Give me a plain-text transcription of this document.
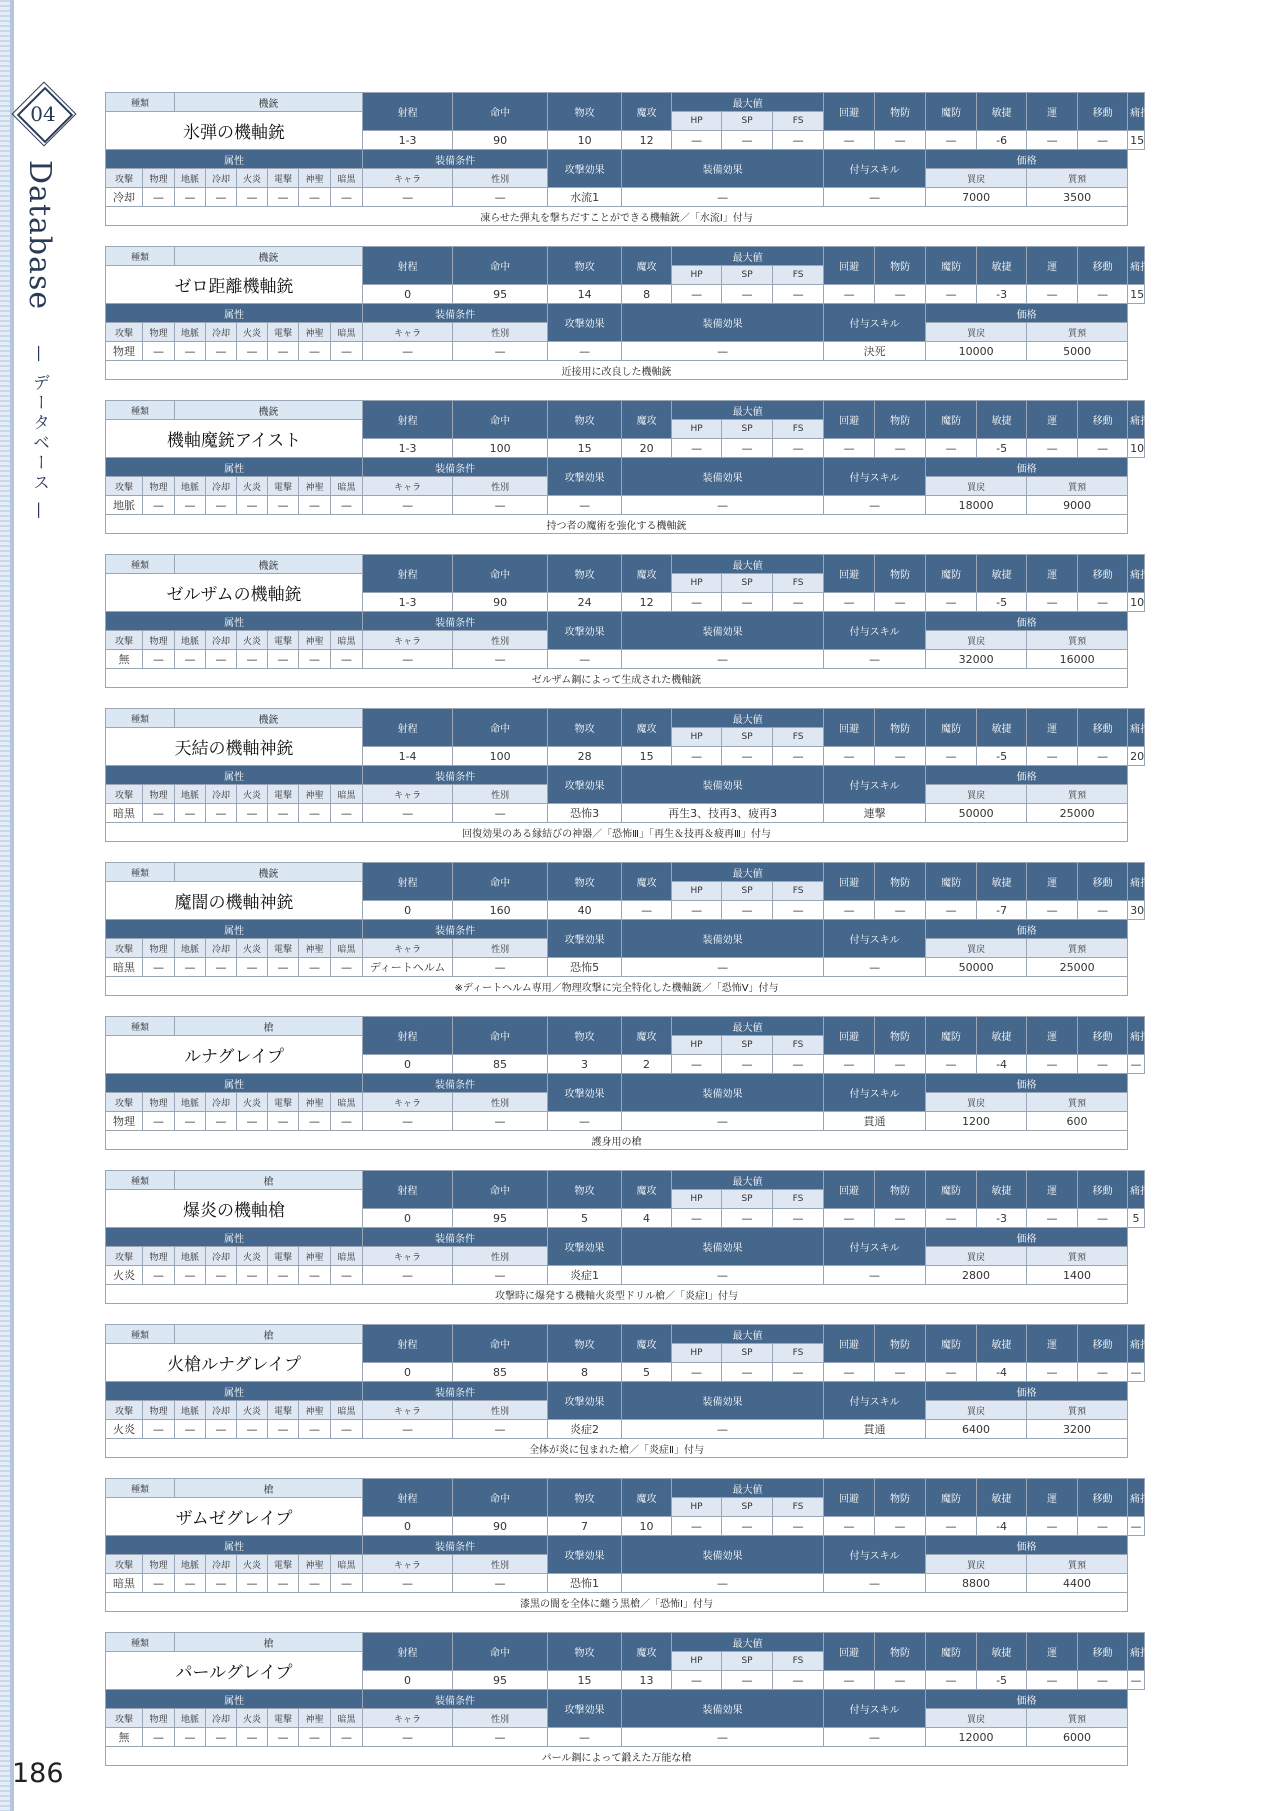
04
Database
— データベース —
種類		機銃						射程	命中	物攻	魔攻	最大値			回避	物防	魔防	敏捷	運	移動	痛打
氷弾の機軸銃												HP	SP	FS							
								1-3	90	10	12	—	—	—	—	—	—	-6	—	—	15
属性								装備条件		攻撃効果	装備効果				付与スキル		価格				
攻撃	物理	地脈	冷却	火炎	電撃	神聖	暗黒	キャラ	性別								買戻		質預		
冷却	—	—	—	—	—	—	—	—	—	水流1	—				—		7000		3500		
凍らせた弾丸を撃ちだすことができる機軸銃／「水流Ⅰ」付与																					
種類		機銃						射程	命中	物攻	魔攻	最大値			回避	物防	魔防	敏捷	運	移動	痛打
ゼロ距離機軸銃												HP	SP	FS							
								0	95	14	8	—	—	—	—	—	—	-3	—	—	15
属性								装備条件		攻撃効果	装備効果				付与スキル		価格				
攻撃	物理	地脈	冷却	火炎	電撃	神聖	暗黒	キャラ	性別								買戻		質預		
物理	—	—	—	—	—	—	—	—	—	—	—				決死		10000		5000		
近接用に改良した機軸銃																					
種類		機銃						射程	命中	物攻	魔攻	最大値			回避	物防	魔防	敏捷	運	移動	痛打
機軸魔銃アイスト												HP	SP	FS							
								1-3	100	15	20	—	—	—	—	—	—	-5	—	—	10
属性								装備条件		攻撃効果	装備効果				付与スキル		価格				
攻撃	物理	地脈	冷却	火炎	電撃	神聖	暗黒	キャラ	性別								買戻		質預		
地脈	—	—	—	—	—	—	—	—	—	—	—				—		18000		9000		
持つ者の魔術を強化する機軸銃																					
種類		機銃						射程	命中	物攻	魔攻	最大値			回避	物防	魔防	敏捷	運	移動	痛打
ゼルザムの機軸銃												HP	SP	FS							
								1-3	90	24	12	—	—	—	—	—	—	-5	—	—	10
属性								装備条件		攻撃効果	装備効果				付与スキル		価格				
攻撃	物理	地脈	冷却	火炎	電撃	神聖	暗黒	キャラ	性別								買戻		質預		
無	—	—	—	—	—	—	—	—	—	—	—				—		32000		16000		
ゼルザム鋼によって生成された機軸銃																					
種類		機銃						射程	命中	物攻	魔攻	最大値			回避	物防	魔防	敏捷	運	移動	痛打
天結の機軸神銃												HP	SP	FS							
								1-4	100	28	15	—	—	—	—	—	—	-5	—	—	20
属性								装備条件		攻撃効果	装備効果				付与スキル		価格				
攻撃	物理	地脈	冷却	火炎	電撃	神聖	暗黒	キャラ	性別								買戻		質預		
暗黒	—	—	—	—	—	—	—	—	—	恐怖3	再生3、技再3、疲再3				連撃		50000		25000		
回復効果のある縁結びの神器／「恐怖Ⅲ」「再生＆技再＆疲再Ⅲ」付与																					
種類		機銃						射程	命中	物攻	魔攻	最大値			回避	物防	魔防	敏捷	運	移動	痛打
魔闇の機軸神銃												HP	SP	FS							
								0	160	40	—	—	—	—	—	—	—	-7	—	—	30
属性								装備条件		攻撃効果	装備効果				付与スキル		価格				
攻撃	物理	地脈	冷却	火炎	電撃	神聖	暗黒	キャラ	性別								買戻		質預		
暗黒	—	—	—	—	—	—	—	ディートヘルム	—	恐怖5	—				—		50000		25000		
※ディートヘルム専用／物理攻撃に完全特化した機軸銃／「恐怖Ⅴ」付与																					
種類		槍						射程	命中	物攻	魔攻	最大値			回避	物防	魔防	敏捷	運	移動	痛打
ルナグレイプ												HP	SP	FS							
								0	85	3	2	—	—	—	—	—	—	-4	—	—	—
属性								装備条件		攻撃効果	装備効果				付与スキル		価格				
攻撃	物理	地脈	冷却	火炎	電撃	神聖	暗黒	キャラ	性別								買戻		質預		
物理	—	—	—	—	—	—	—	—	—	—	—				貫通		1200		600		
護身用の槍																					
種類		槍						射程	命中	物攻	魔攻	最大値			回避	物防	魔防	敏捷	運	移動	痛打
爆炎の機軸槍												HP	SP	FS							
								0	95	5	4	—	—	—	—	—	—	-3	—	—	5
属性								装備条件		攻撃効果	装備効果				付与スキル		価格				
攻撃	物理	地脈	冷却	火炎	電撃	神聖	暗黒	キャラ	性別								買戻		質預		
火炎	—	—	—	—	—	—	—	—	—	炎症1	—				—		2800		1400		
攻撃時に爆発する機軸火炎型ドリル槍／「炎症Ⅰ」付与																					
種類		槍						射程	命中	物攻	魔攻	最大値			回避	物防	魔防	敏捷	運	移動	痛打
火槍ルナグレイプ												HP	SP	FS							
								0	85	8	5	—	—	—	—	—	—	-4	—	—	—
属性								装備条件		攻撃効果	装備効果				付与スキル		価格				
攻撃	物理	地脈	冷却	火炎	電撃	神聖	暗黒	キャラ	性別								買戻		質預		
火炎	—	—	—	—	—	—	—	—	—	炎症2	—				貫通		6400		3200		
全体が炎に包まれた槍／「炎症Ⅱ」付与																					
種類		槍						射程	命中	物攻	魔攻	最大値			回避	物防	魔防	敏捷	運	移動	痛打
ザムゼグレイプ												HP	SP	FS							
								0	90	7	10	—	—	—	—	—	—	-4	—	—	—
属性								装備条件		攻撃効果	装備効果				付与スキル		価格				
攻撃	物理	地脈	冷却	火炎	電撃	神聖	暗黒	キャラ	性別								買戻		質預		
暗黒	—	—	—	—	—	—	—	—	—	恐怖1	—				—		8800		4400		
漆黒の闇を全体に纏う黒槍／「恐怖Ⅰ」付与																					
種類		槍						射程	命中	物攻	魔攻	最大値			回避	物防	魔防	敏捷	運	移動	痛打
パールグレイプ												HP	SP	FS							
								0	95	15	13	—	—	—	—	—	—	-5	—	—	—
属性								装備条件		攻撃効果	装備効果				付与スキル		価格				
攻撃	物理	地脈	冷却	火炎	電撃	神聖	暗黒	キャラ	性別								買戻		質預		
無	—	—	—	—	—	—	—	—	—	—	—				—		12000		6000		
パール鋼によって鍛えた万能な槍																					
186
